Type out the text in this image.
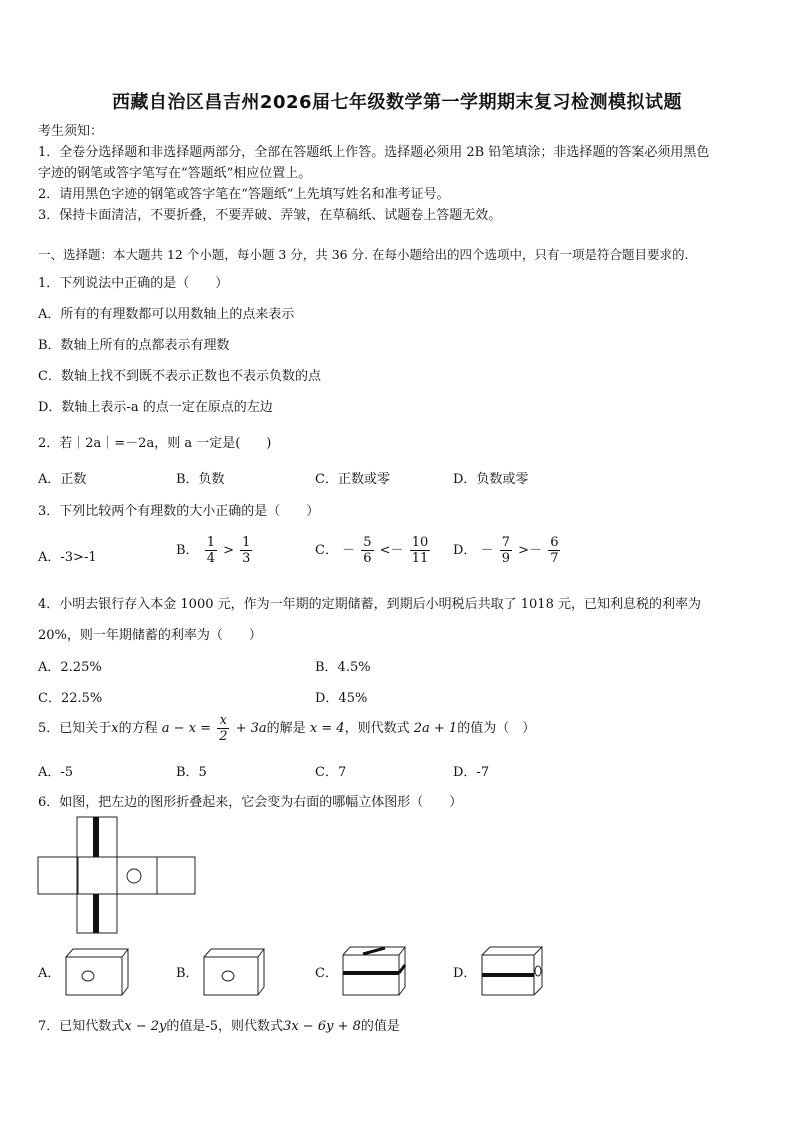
西藏自治区昌吉州2026届七年级数学第一学期期末复习检测模拟试题
考生须知：
1．全卷分选择题和非选择题两部分，全部在答题纸上作答。选择题必须用 2B 铅笔填涂；非选择题的答案必须用黑色
字迹的钢笔或答字笔写在“答题纸”相应位置上。
2．请用黑色字迹的钢笔或答字笔在“答题纸”上先填写姓名和准考证号。
3．保持卡面清洁，不要折叠，不要弄破、弄皱，在草稿纸、试题卷上答题无效。
一、选择题：本大题共 12 个小题，每小题 3 分，共 36 分. 在每小题给出的四个选项中，只有一项是符合题目要求的.
1．下列说法中正确的是（　　）
A．所有的有理数都可以用数轴上的点来表示
B．数轴上所有的点都表示有理数
C．数轴上找不到既不表示正数也不表示负数的点
D．数轴上表示-a 的点一定在原点的左边
2．若｜2a｜=－2a，则 a 一定是(　　)
A．正数	B．负数	C．正数或零	D．负数或零
3．下列比较两个有理数的大小正确的是（　　）
A．-3>-1	B． $\frac{1}{4} > \frac{1}{3}$	C． － $\frac{5}{6} <- \frac{10}{11}$ D． － $\frac{7}{9} >- \frac{6}{7}$
4．小明去银行存入本金 1000 元，作为一年期的定期储蓄，到期后小明税后共取了 1018 元，已知利息税的利率为
20%，则一年期储蓄的利率为（　　）
A．2.25%	B．4.5%
C．22.5%	D．45%
5．已知关于x的方程 $a - x = \frac{x}{2} + 3a$的解是 x = 4，则代数式 2a + 1的值为（　）
A．-5	B．5	C．7	D．-7
6．如图，把左边的图形折叠起来，它会变为右面的哪幅立体图形（　　）
A．	B．	C．	D．
7．已知代数式x − 2y的值是-5，则代数式3x − 6y + 8的值是
